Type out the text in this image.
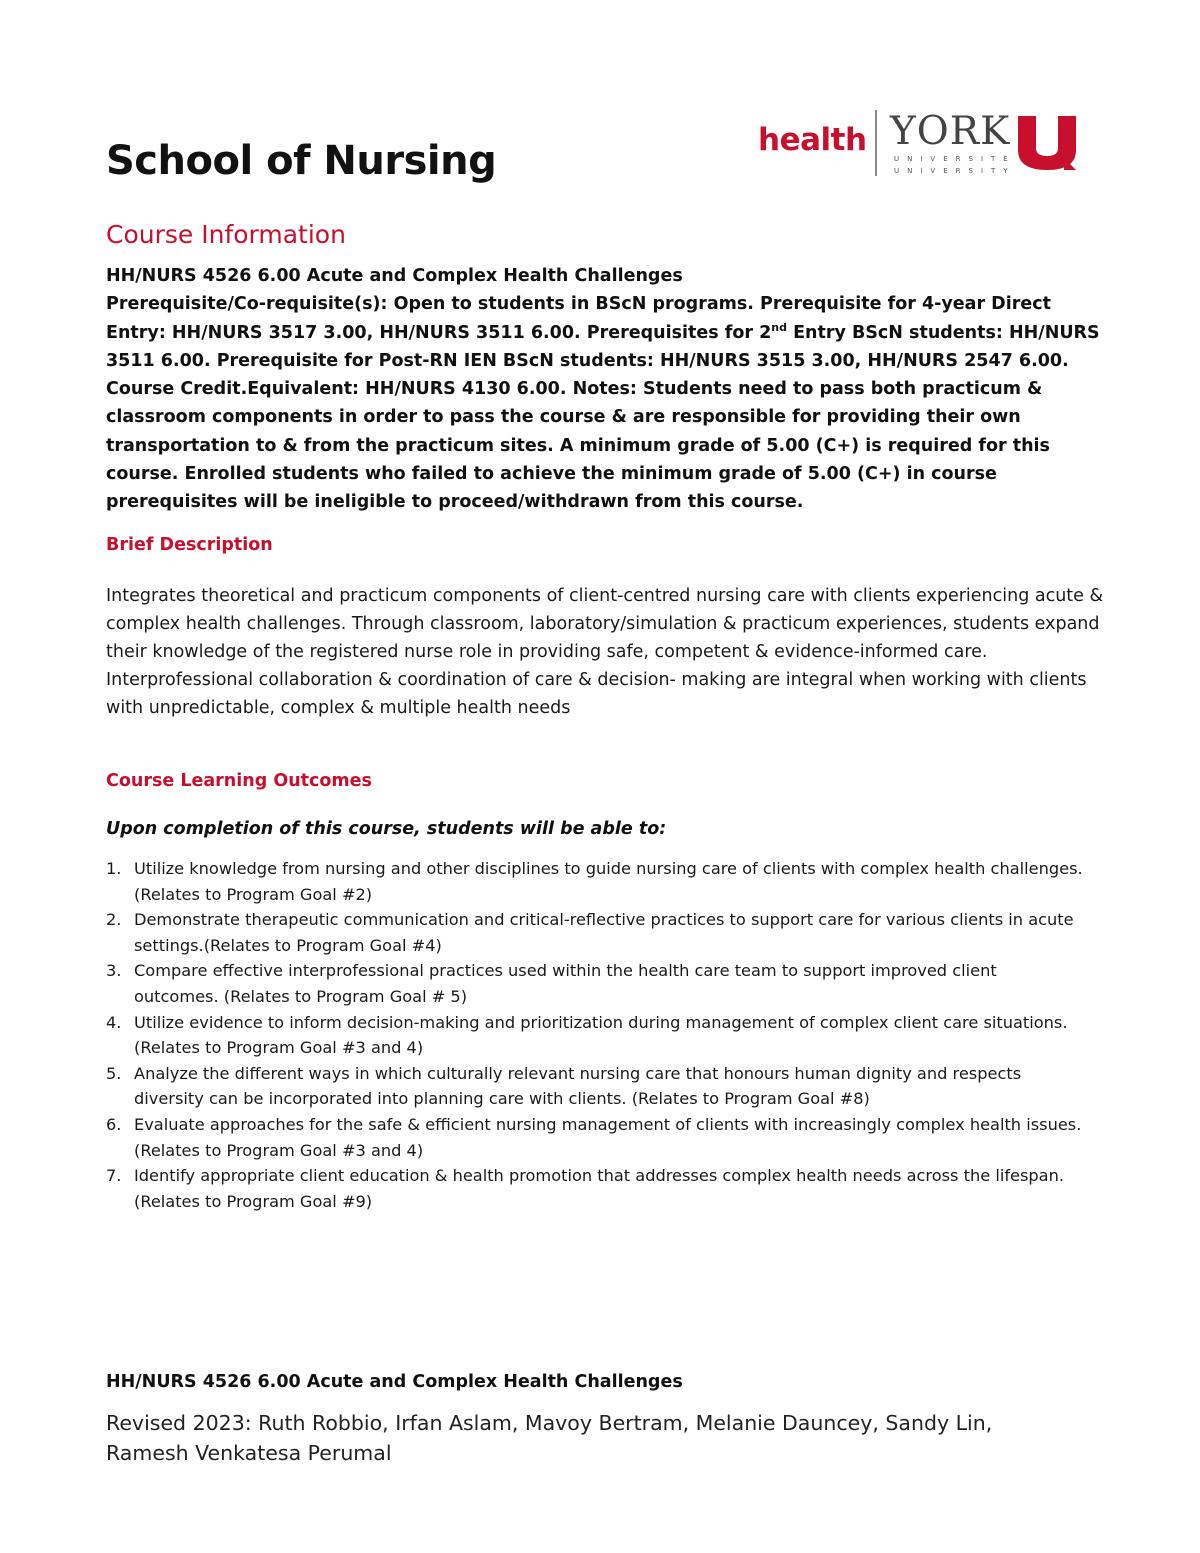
School of Nursing	health YORK
UNIVERSITÉ
UNIVERSITY
Course Information

HH/NURS 4526 6.00 Acute and Complex Health Challenges

Prerequisite/Co-requisite(s): Open to students in BScN programs. Prerequisite for 4-year Direct Entry: HH/NURS 3517 3.00, HH/NURS 3511 6.00. Prerequisites for 2nd Entry BScN students: HH/NURS 3511 6.00. Prerequisite for Post-RN IEN BScN students: HH/NURS 3515 3.00, HH/NURS 2547 6.00. Course Credit.Equivalent: HH/NURS 4130 6.00. Notes: Students need to pass both practicum & classroom components in order to pass the course & are responsible for providing their own transportation to & from the practicum sites. A minimum grade of 5.00 (C+) is required for this course. Enrolled students who failed to achieve the minimum grade of 5.00 (C+) in course prerequisites will be ineligible to proceed/withdrawn from this course.

Brief Description

Integrates theoretical and practicum components of client-centred nursing care with clients experiencing acute & complex health challenges. Through classroom, laboratory/simulation & practicum experiences, students expand their knowledge of the registered nurse role in providing safe, competent & evidence-informed care. Interprofessional collaboration & coordination of care & decision- making are integral when working with clients with unpredictable, complex & multiple health needs

Course Learning Outcomes
Upon completion of this course, students will be able to:
1. Utilize knowledge from nursing and other disciplines to guide nursing care of clients with complex health challenges.(Relates to Program Goal #2)
2. Demonstrate therapeutic communication and critical-reflective practices to support care for various clients in acute settings.(Relates to Program Goal #4)
3. Compare effective interprofessional practices used within the health care team to support improved client outcomes. (Relates to Program Goal # 5)
4. Utilize evidence to inform decision-making and prioritization during management of complex client care situations. (Relates to Program Goal #3 and 4)
5. Analyze the different ways in which culturally relevant nursing care that honours human dignity and respects diversity can be incorporated into planning care with clients. (Relates to Program Goal #8)
6. Evaluate approaches for the safe & efficient nursing management of clients with increasingly complex health issues.(Relates to Program Goal #3 and 4)
7. Identify appropriate client education & health promotion that addresses complex health needs across the lifespan.(Relates to Program Goal #9)
HH/NURS 4526 6.00 Acute and Complex Health Challenges
Revised 2023: Ruth Robbio, Irfan Aslam, Mavoy Bertram, Melanie Dauncey, Sandy Lin, Ramesh Venkatesa Perumal
